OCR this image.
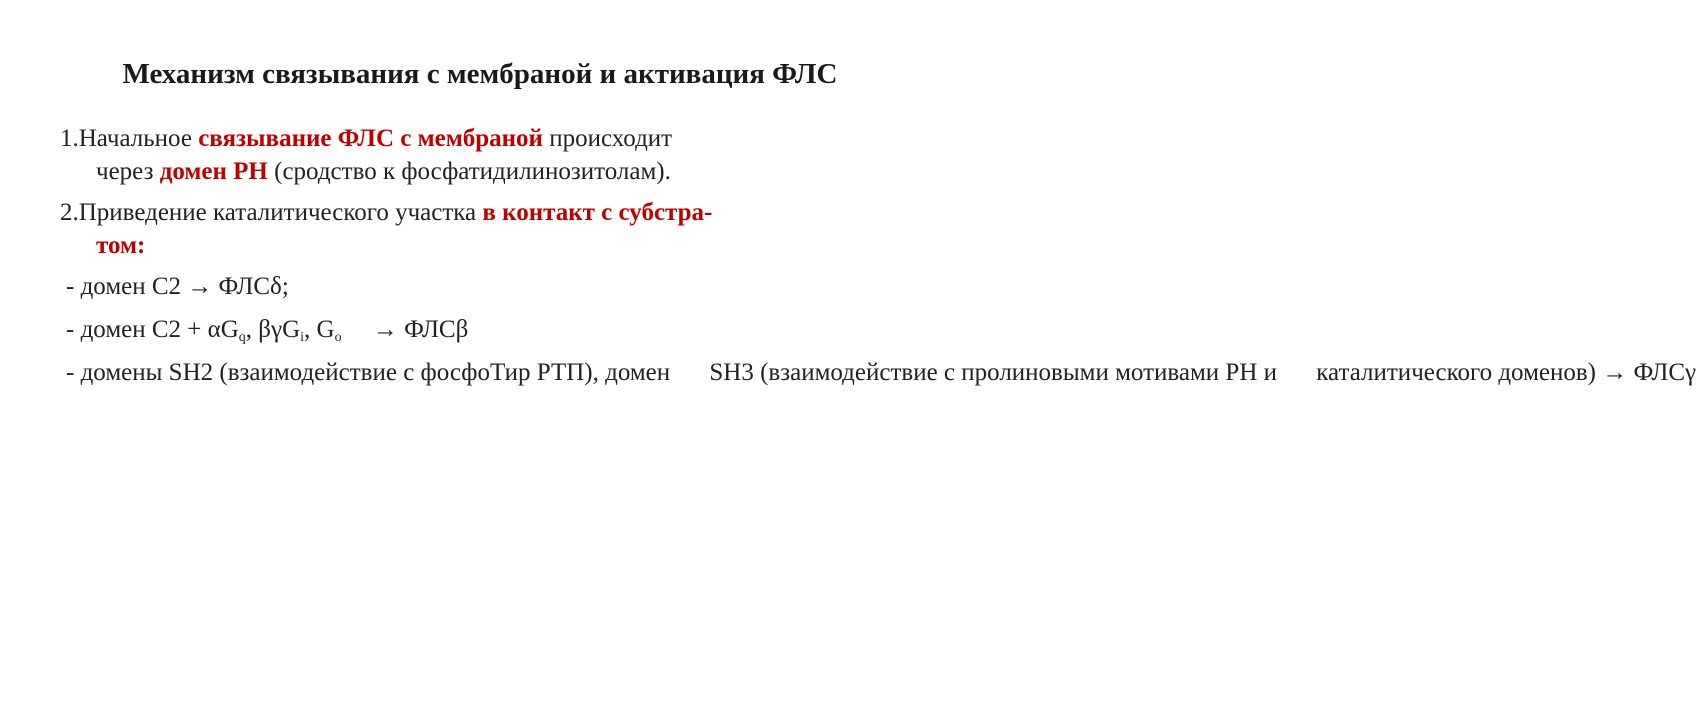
Механизм связывания с мембраной и активация ФЛС
1.Начальное связывание ФЛС с мембраной происходит
через домен PH (сродство к фосфатидилинозитолам).
2.Приведение каталитического участка в контакт с субстра-
том:
- домен С2 → ФЛСδ;
- домен $С2 + \alpha G_q$, βγG$_i$, $G_o$     → ФЛСβ
- домены SH2 (взаимодействие с фосфоТир РТП), домен SH3 (взаимодействие с пролиновыми мотивами PH и каталитического доменов) → ФЛСγ
